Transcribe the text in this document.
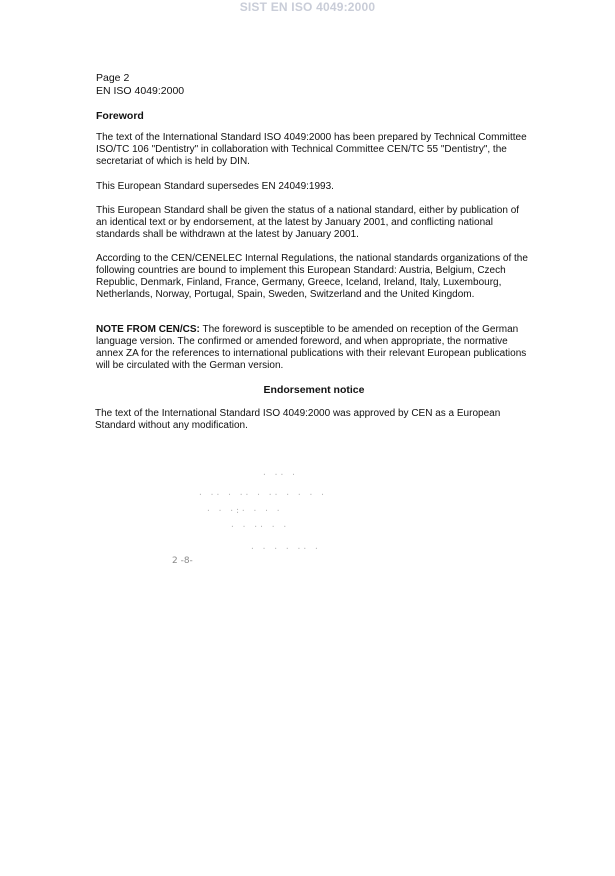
SIST EN ISO 4049:2000
Page 2
EN ISO 4049:2000
Foreword
The text of the International Standard ISO 4049:2000 has been prepared by Technical Committee ISO/TC 106 "Dentistry" in collaboration with Technical Committee CEN/TC 55 "Dentistry", the secretariat of which is held by DIN.
This European Standard supersedes EN 24049:1993.
This European Standard shall be given the status of a national standard, either by publication of an identical text or by endorsement, at the latest by January 2001, and conflicting national standards shall be withdrawn at the latest by January 2001.
According to the CEN/CENELEC Internal Regulations, the national standards organizations of the following countries are bound to implement this European Standard: Austria, Belgium, Czech Republic, Denmark, Finland, France, Germany, Greece, Iceland, Ireland, Italy, Luxembourg, Netherlands, Norway, Portugal, Spain, Sweden, Switzerland and the United Kingdom.
NOTE FROM CEN/CS: The foreword is susceptible to be amended on reception of the German language version. The confirmed or amended foreword, and when appropriate, the normative annex ZA for the references to international publications with their relevant European publications will be circulated with the German version.
Endorsement notice
The text of the International Standard ISO 4049:2000 was approved by CEN as a European Standard without any modification.
· ·· ·
· ·· · ·· · ·· · · · ·
· · ·:· · · ·
· · ·· · ·
· · · · ·· ·
2 -8-
